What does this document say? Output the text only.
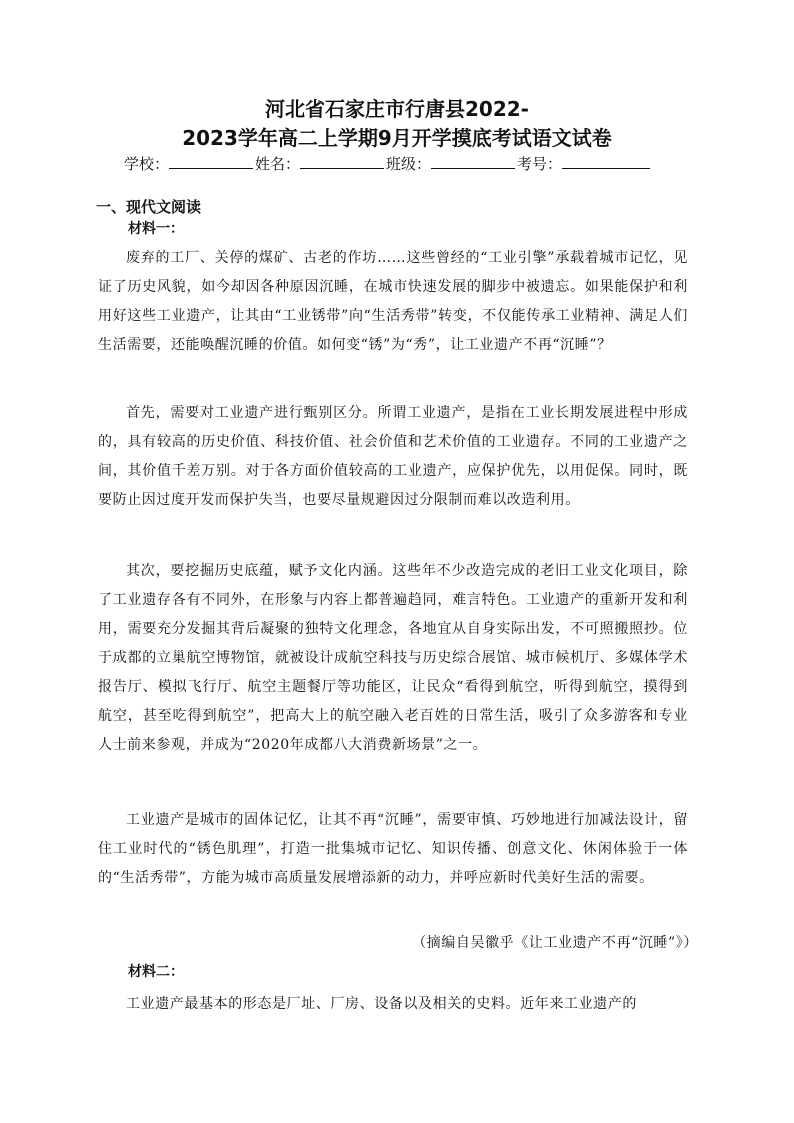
河北省石家庄市行唐县2022-
2023学年高二上学期9月开学摸底考试语文试卷
学校：	姓名：	班级：	考号：
一、现代文阅读
材料一：
废弃的工厂、关停的煤矿、古老的作坊……这些曾经的“工业引擎”承载着城市记忆，见证了历史风貌，如今却因各种原因沉睡，在城市快速发展的脚步中被遗忘。如果能保护和利用好这些工业遗产，让其由“工业锈带”向“生活秀带”转变，不仅能传承工业精神、满足人们生活需要，还能唤醒沉睡的价值。如何变“锈”为“秀”，让工业遗产不再“沉睡”？
首先，需要对工业遗产进行甄别区分。所谓工业遗产，是指在工业长期发展进程中形成的，具有较高的历史价值、科技价值、社会价值和艺术价值的工业遗存。不同的工业遗产之间，其价值千差万别。对于各方面价值较高的工业遗产，应保护优先，以用促保。同时，既要防止因过度开发而保护失当，也要尽量规避因过分限制而难以改造利用。
其次，要挖掘历史底蕴，赋予文化内涵。这些年不少改造完成的老旧工业文化项目，除了工业遗存各有不同外，在形象与内容上都普遍趋同，难言特色。工业遗产的重新开发和利用，需要充分发掘其背后凝聚的独特文化理念，各地宜从自身实际出发，不可照搬照抄。位于成都的立巢航空博物馆，就被设计成航空科技与历史综合展馆、城市候机厅、多媒体学术报告厅、模拟飞行厅、航空主题餐厅等功能区，让民众“看得到航空，听得到航空，摸得到航空，甚至吃得到航空”，把高大上的航空融入老百姓的日常生活，吸引了众多游客和专业人士前来参观，并成为“2020年成都八大消费新场景”之一。
工业遗产是城市的固体记忆，让其不再“沉睡”，需要审慎、巧妙地进行加减法设计，留住工业时代的“锈色肌理”，打造一批集城市记忆、知识传播、创意文化、休闲体验于一体的“生活秀带”，方能为城市高质量发展增添新的动力，并呼应新时代美好生活的需要。
（摘编自吴徽乎《让工业遗产不再“沉睡”》）
材料二：
工业遗产最基本的形态是厂址、厂房、设备以及相关的史料。近年来工业遗产的
